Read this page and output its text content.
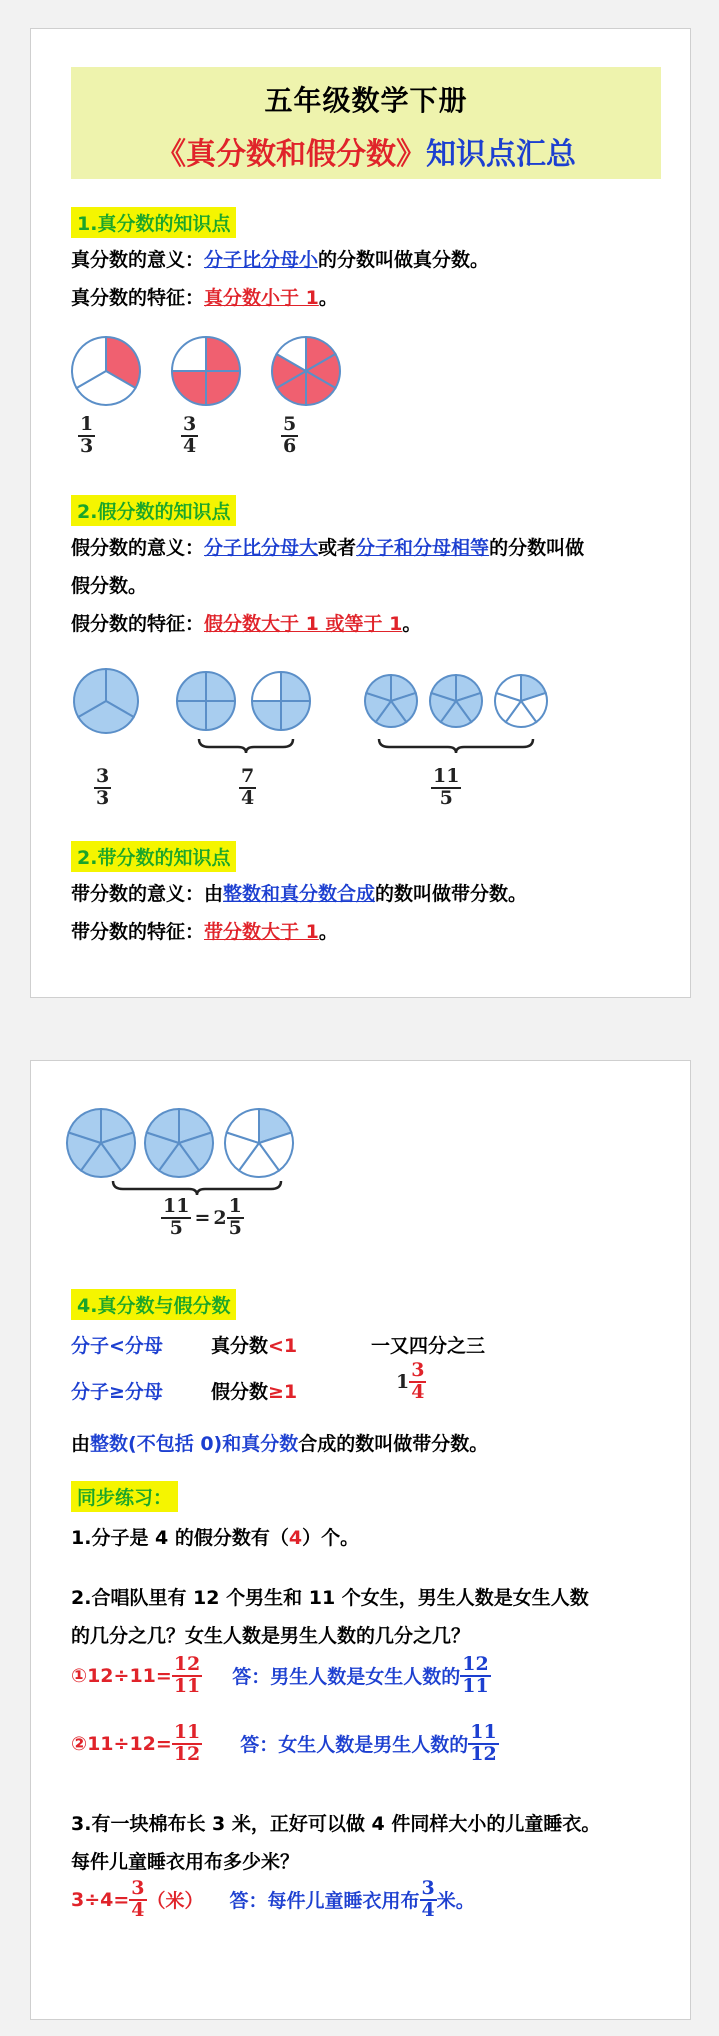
五年级数学下册
《真分数和假分数》知识点汇总
1.真分数的知识点
真分数的意义：分子比分母小的分数叫做真分数。
真分数的特征：真分数小于 1。
$\frac{1}{3}$	$\frac{3}{4}$	$\frac{5}{6}$
2.假分数的知识点
假分数的意义：分子比分母大或者分子和分母相等的分数叫做
假分数。
假分数的特征：假分数大于 1 或等于 1。
$\frac{3}{3}$	$\frac{7}{4}$	$\frac{11}{5}$
2.带分数的知识点
带分数的意义：由整数和真分数合成的数叫做带分数。
带分数的特征：带分数大于 1。
$\frac{11}{5} = 2 \frac{1}{5}$
4.真分数与假分数
分子<分母	真分数<1	一又四分之三
分子≥分母	假分数≥1	$1 \frac{3}{4}$
由整数(不包括 0)和真分数合成的数叫做带分数。
同步练习：
1.分子是 4 的假分数有（4）个。
2.合唱队里有 12 个男生和 11 个女生，男生人数是女生人数
的几分之几？女生人数是男生人数的几分之几？
①12÷11= $\frac{12}{11}$ 答：男生人数是女生人数的 $\frac{12}{11}$
②11÷12= $\frac{11}{12}$ 答：女生人数是男生人数的 $\frac{11}{12}$
3.有一块棉布长 3 米，正好可以做 4 件同样大小的儿童睡衣。
每件儿童睡衣用布多少米？
$3\div 4= \frac{3}{4}$ （米） 答：每件儿童睡衣用布 $\frac{3}{4}$ 米。
